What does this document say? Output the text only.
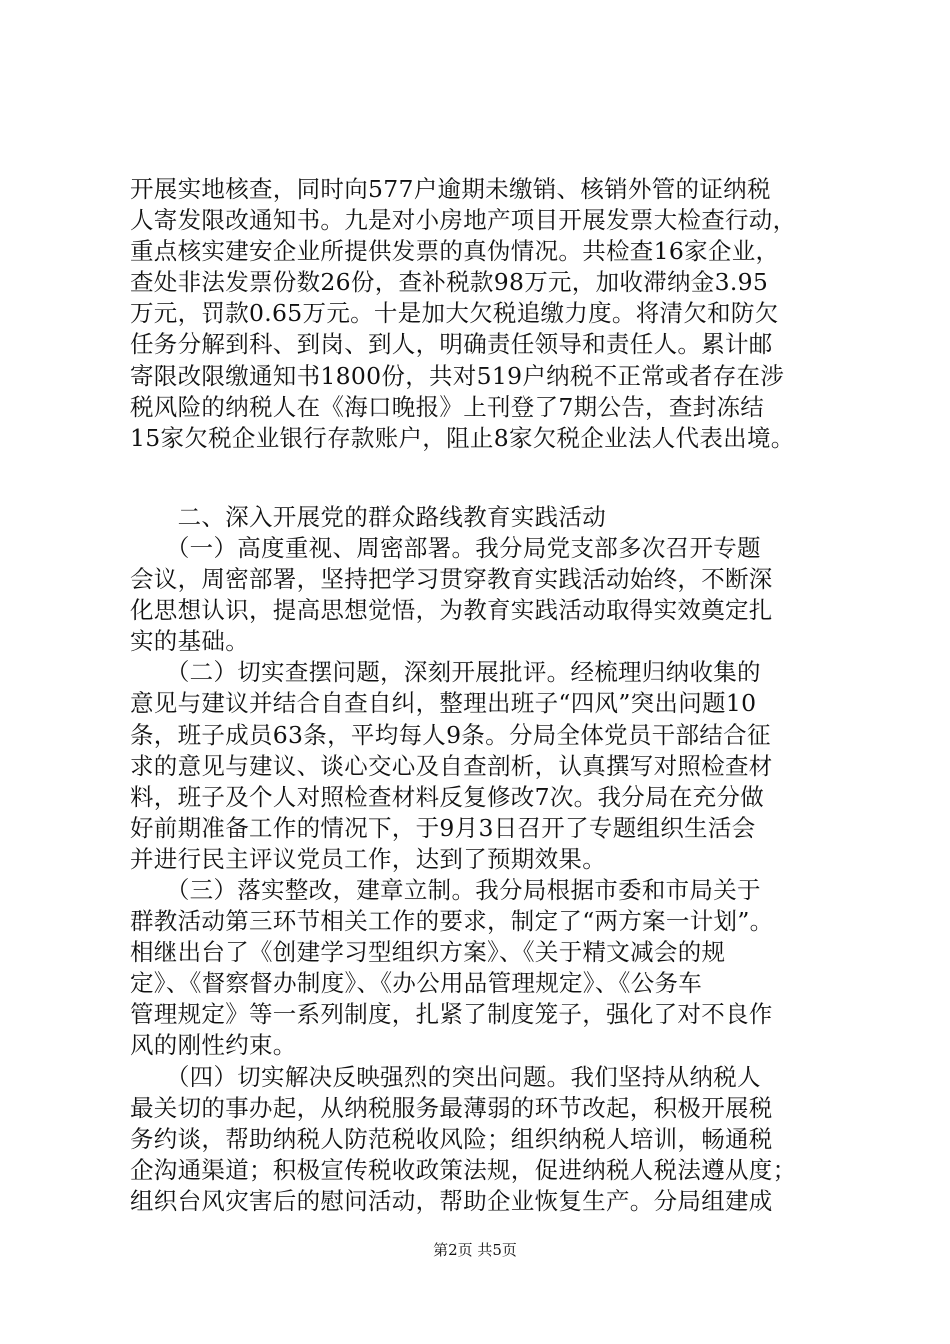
开展实地核查，同时向577户逾期未缴销、核销外管的证纳税
人寄发限改通知书。九是对小房地产项目开展发票大检查行动，
重点核实建安企业所提供发票的真伪情况。共检查16家企业，
查处非法发票份数26份，查补税款98万元，加收滞纳金3.95
万元，罚款0.65万元。十是加大欠税追缴力度。将清欠和防欠
任务分解到科、到岗、到人，明确责任领导和责任人。累计邮
寄限改限缴通知书1800份，共对519户纳税不正常或者存在涉
税风险的纳税人在《海口晚报》上刊登了7期公告，查封冻结
15家欠税企业银行存款账户，阻止8家欠税企业法人代表出境。
　　二、深入开展党的群众路线教育实践活动
　　（一）高度重视、周密部署。我分局党支部多次召开专题
会议，周密部署，坚持把学习贯穿教育实践活动始终，不断深
化思想认识，提高思想觉悟，为教育实践活动取得实效奠定扎
实的基础。
　　（二）切实查摆问题，深刻开展批评。经梳理归纳收集的
意见与建议并结合自查自纠，整理出班子“四风”突出问题10
条，班子成员63条，平均每人9条。分局全体党员干部结合征
求的意见与建议、谈心交心及自查剖析，认真撰写对照检查材
料，班子及个人对照检查材料反复修改7次。我分局在充分做
好前期准备工作的情况下，于9月3日召开了专题组织生活会
并进行民主评议党员工作，达到了预期效果。
　　（三）落实整改，建章立制。我分局根据市委和市局关于
群教活动第三环节相关工作的要求，制定了“两方案一计划”。
相继出台了《创建学习型组织方案》、《关于精文减会的规
定》、《督察督办制度》、《办公用品管理规定》、《公务车
管理规定》等一系列制度，扎紧了制度笼子，强化了对不良作
风的刚性约束。
　　（四）切实解决反映强烈的突出问题。我们坚持从纳税人
最关切的事办起，从纳税服务最薄弱的环节改起，积极开展税
务约谈，帮助纳税人防范税收风险；组织纳税人培训，畅通税
企沟通渠道；积极宣传税收政策法规，促进纳税人税法遵从度；
组织台风灾害后的慰问活动，帮助企业恢复生产。分局组建成
第2页 共5页
